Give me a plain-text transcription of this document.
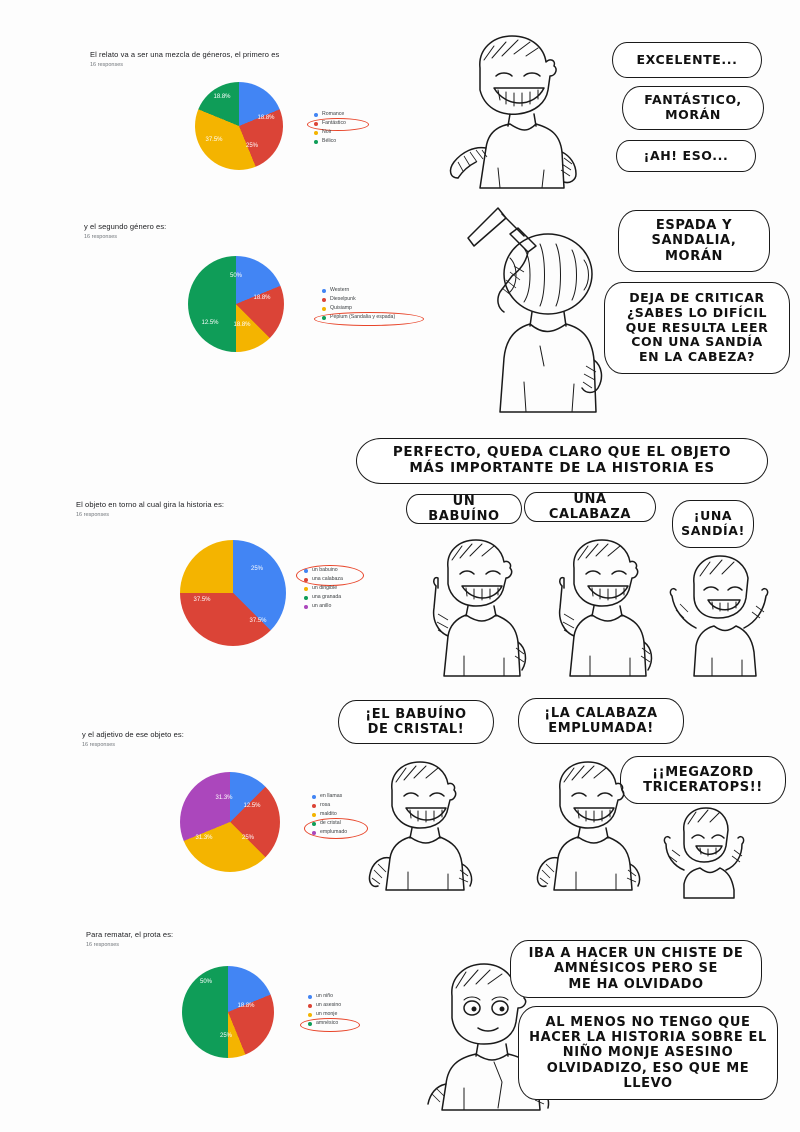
El relato va a ser una mezcla de géneros, el primero es
16 responses
18.8%
25%
37.5%
18.8%
Romance
Fantástico
Noir
Bélico
y el segundo género es:
16 responses
18.8%
18.8%
12.5%
50%
Western
Dieselpunk
Quisiamp
Peplum (Sandalia y espada)
El objeto en torno al cual gira la historia es:
16 responses
37.5%
37.5%
25%	un babuino
una calabaza
un dirigible
una granada
un anillo
y el adjetivo de ese objeto es:
16 responses
12.5%
25%
31.3%
31.3%	en llamas
rosa
maldito
de cristal
emplumado
Para rematar, el prota es:
16 responses
18.8%
25%
50%
un niño
un asesino
un monje
amnésico
EXCELENTE...
FANTÁSTICO,
MORÁN
¡AH! ESO...
ESPADA Y
SANDALIA,
MORÁN
DEJA DE CRITICAR
¿SABES LO DIFÍCIL
QUE RESULTA LEER
CON UNA SANDÍA
EN LA CABEZA?
PERFECTO, QUEDA CLARO QUE EL OBJETO
MÁS IMPORTANTE DE LA HISTORIA ES
UN BABUÍNO
UNA CALABAZA	¡UNA
SANDÍA!
¡EL BABUÍNO
DE CRISTAL!
¡LA CALABAZA
EMPLUMADA!
¡¡MEGAZORD
TRICERATOPS!!
IBA A HACER UN CHISTE DE
AMNÉSICOS PERO SE
ME HA OLVIDADO
AL MENOS NO TENGO QUE
HACER LA HISTORIA SOBRE EL
NIÑO MONJE ASESINO
OLVIDADIZO, ESO QUE ME
LLEVO
